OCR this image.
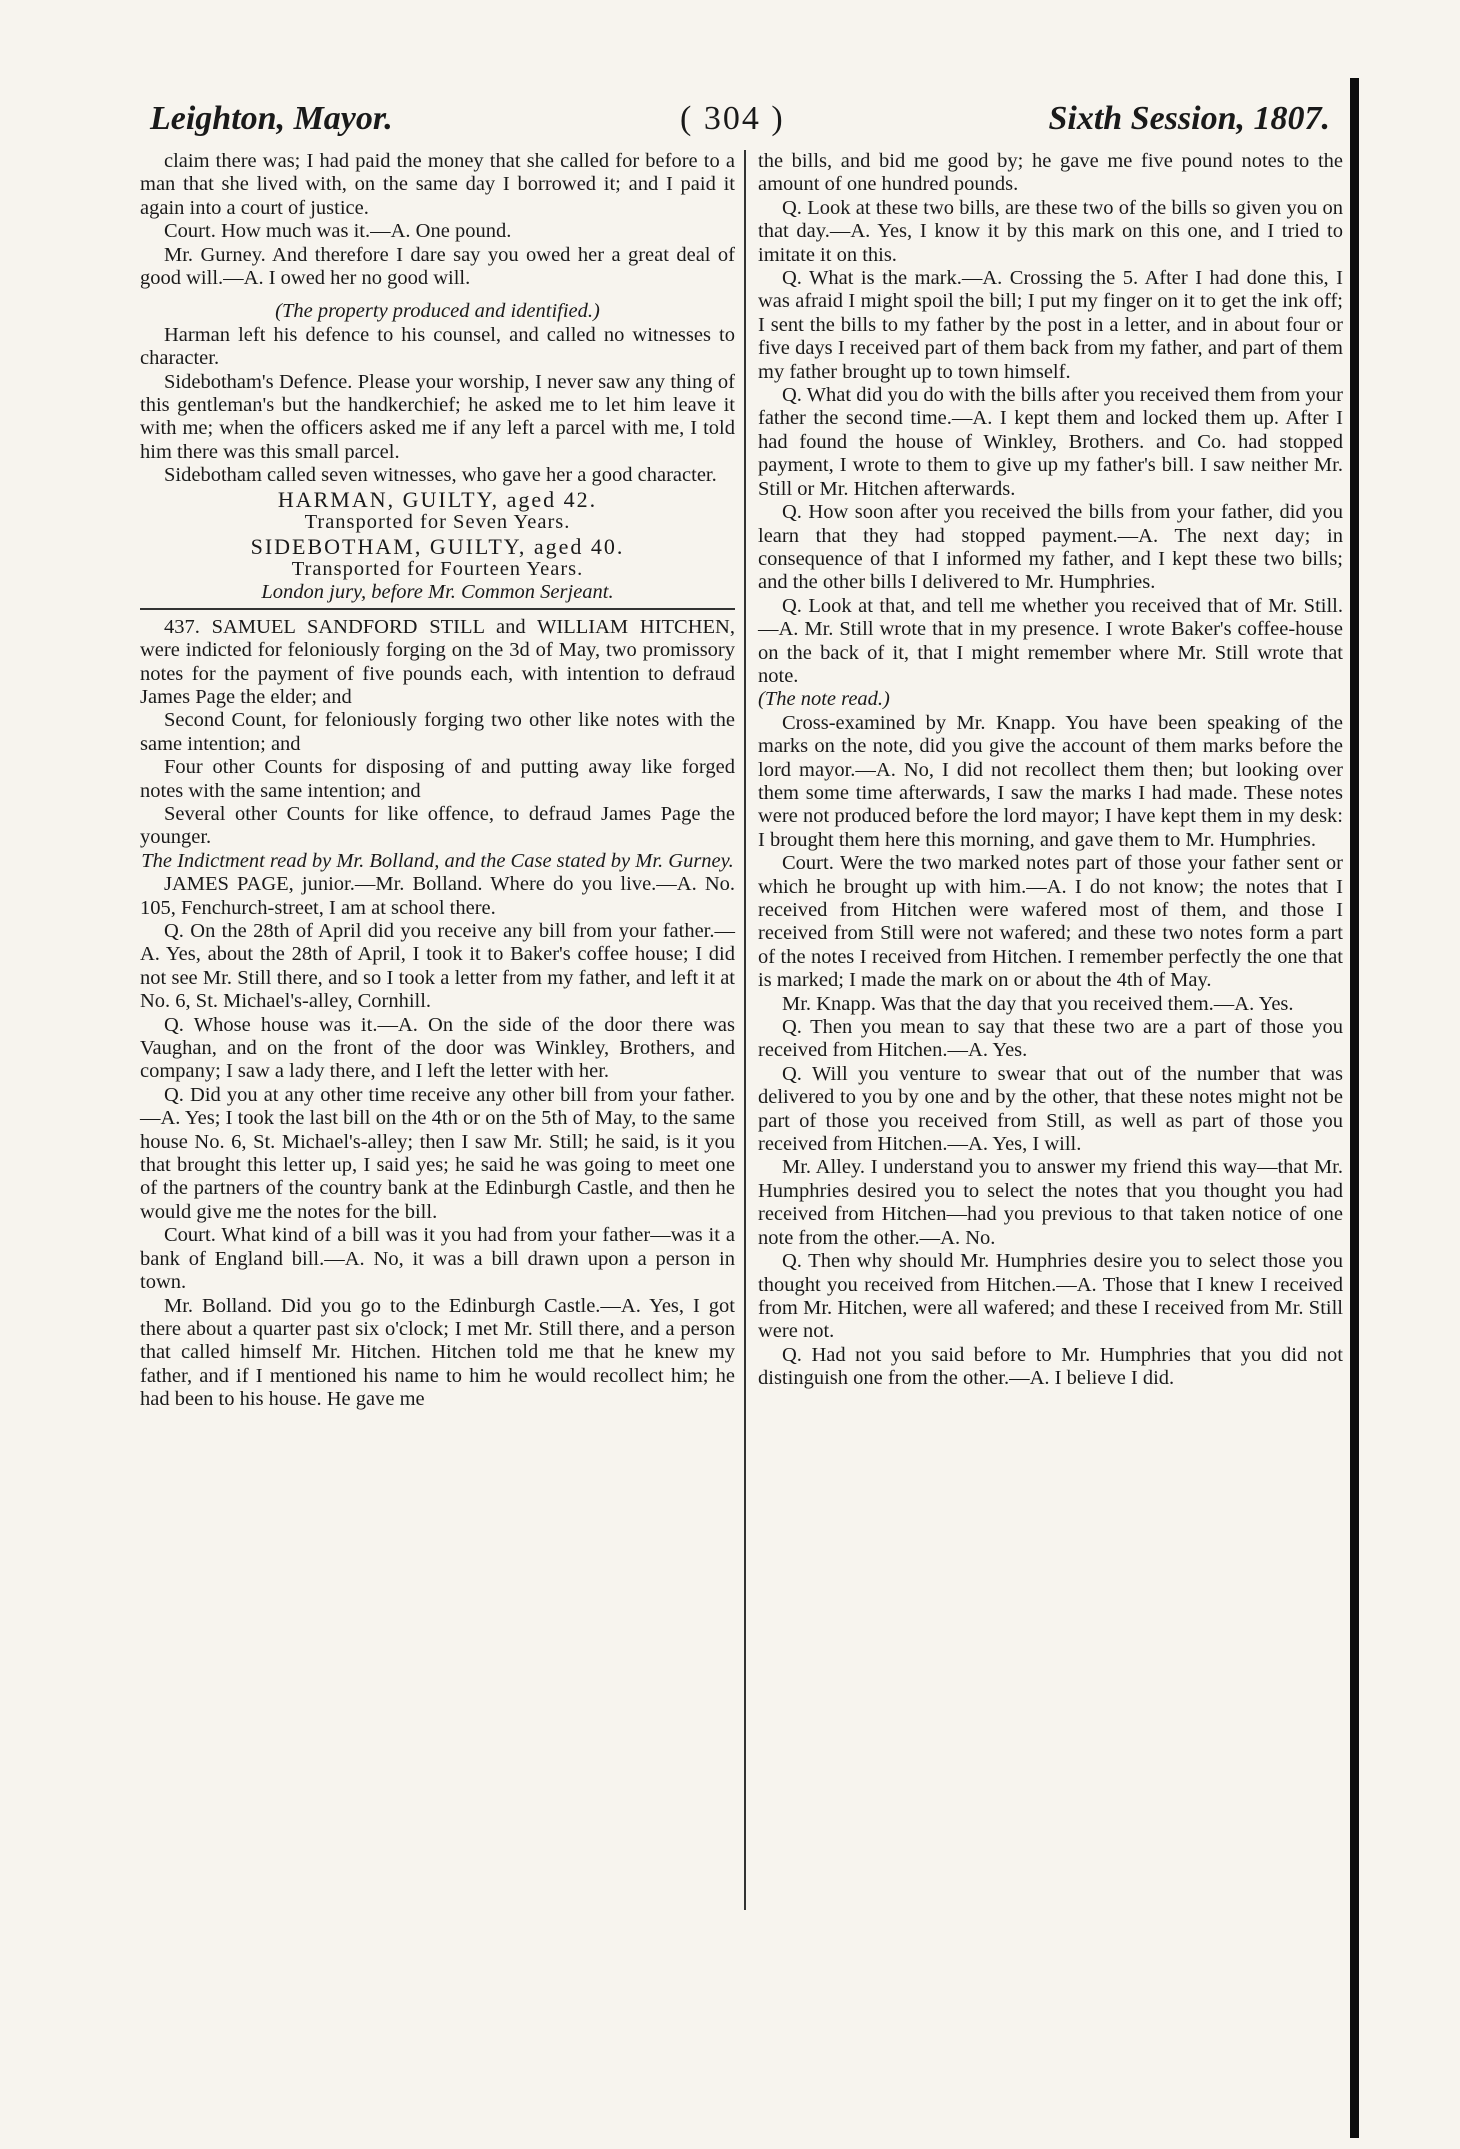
Leighton, Mayor.	( 304 )	Sixth Session, 1807.

claim there was; I had paid the money that she called for before to a man that she lived with, on the same day I borrowed it; and I paid it again into a court of justice.

Court. How much was it.—A. One pound.

Mr. Gurney. And therefore I dare say you owed her a great deal of good will.—A. I owed her no good will.

(The property produced and identified.)

Harman left his defence to his counsel, and called no witnesses to character.

Sidebotham's Defence. Please your worship, I never saw any thing of this gentleman's but the handkerchief; he asked me to let him leave it with me; when the officers asked me if any left a parcel with me, I told him there was this small parcel.

Sidebotham called seven witnesses, who gave her a good character.

HARMAN, GUILTY, aged 42.

Transported for Seven Years.

SIDEBOTHAM, GUILTY, aged 40.

Transported for Fourteen Years.

London jury, before Mr. Common Serjeant.

437. SAMUEL SANDFORD STILL and WILLIAM HITCHEN, were indicted for feloniously forging on the 3d of May, two promissory notes for the payment of five pounds each, with intention to defraud James Page the elder; and

Second Count, for feloniously forging two other like notes with the same intention; and

Four other Counts for disposing of and putting away like forged notes with the same intention; and

Several other Counts for like offence, to defraud James Page the younger.

The Indictment read by Mr. Bolland, and the Case stated by Mr. Gurney.

JAMES PAGE, junior.—Mr. Bolland. Where do you live.—A. No. 105, Fenchurch-street, I am at school there.

Q. On the 28th of April did you receive any bill from your father.—A. Yes, about the 28th of April, I took it to Baker's coffee house; I did not see Mr. Still there, and so I took a letter from my father, and left it at No. 6, St. Michael's-alley, Cornhill.

Q. Whose house was it.—A. On the side of the door there was Vaughan, and on the front of the door was Winkley, Brothers, and company; I saw a lady there, and I left the letter with her.

Q. Did you at any other time receive any other bill from your father.—A. Yes; I took the last bill on the 4th or on the 5th of May, to the same house No. 6, St. Michael's-alley; then I saw Mr. Still; he said, is it you that brought this letter up, I said yes; he said he was going to meet one of the partners of the country bank at the Edinburgh Castle, and then he would give me the notes for the bill.

Court. What kind of a bill was it you had from your father—was it a bank of England bill.—A. No, it was a bill drawn upon a person in town.

Mr. Bolland. Did you go to the Edinburgh Castle.—A. Yes, I got there about a quarter past six o'clock; I met Mr. Still there, and a person that called himself Mr. Hitchen. Hitchen told me that he knew my father, and if I mentioned his name to him he would recollect him; he had been to his house. He gave me

the bills, and bid me good by; he gave me five pound notes to the amount of one hundred pounds.

Q. Look at these two bills, are these two of the bills so given you on that day.—A. Yes, I know it by this mark on this one, and I tried to imitate it on this.

Q. What is the mark.—A. Crossing the 5. After I had done this, I was afraid I might spoil the bill; I put my finger on it to get the ink off; I sent the bills to my father by the post in a letter, and in about four or five days I received part of them back from my father, and part of them my father brought up to town himself.

Q. What did you do with the bills after you received them from your father the second time.—A. I kept them and locked them up. After I had found the house of Winkley, Brothers. and Co. had stopped payment, I wrote to them to give up my father's bill. I saw neither Mr. Still or Mr. Hitchen afterwards.

Q. How soon after you received the bills from your father, did you learn that they had stopped payment.—A. The next day; in consequence of that I informed my father, and I kept these two bills; and the other bills I delivered to Mr. Humphries.

Q. Look at that, and tell me whether you received that of Mr. Still.—A. Mr. Still wrote that in my presence. I wrote Baker's coffee-house on the back of it, that I might remember where Mr. Still wrote that note.

(The note read.)

Cross-examined by Mr. Knapp. You have been speaking of the marks on the note, did you give the account of them marks before the lord mayor.—A. No, I did not recollect them then; but looking over them some time afterwards, I saw the marks I had made. These notes were not produced before the lord mayor; I have kept them in my desk: I brought them here this morning, and gave them to Mr. Humphries.

Court. Were the two marked notes part of those your father sent or which he brought up with him.—A. I do not know; the notes that I received from Hitchen were wafered most of them, and those I received from Still were not wafered; and these two notes form a part of the notes I received from Hitchen. I remember perfectly the one that is marked; I made the mark on or about the 4th of May.

Mr. Knapp. Was that the day that you received them.—A. Yes.

Q. Then you mean to say that these two are a part of those you received from Hitchen.—A. Yes.

Q. Will you venture to swear that out of the number that was delivered to you by one and by the other, that these notes might not be part of those you received from Still, as well as part of those you received from Hitchen.—A. Yes, I will.

Mr. Alley. I understand you to answer my friend this way—that Mr. Humphries desired you to select the notes that you thought you had received from Hitchen—had you previous to that taken notice of one note from the other.—A. No.

Q. Then why should Mr. Humphries desire you to select those you thought you received from Hitchen.—A. Those that I knew I received from Mr. Hitchen, were all wafered; and these I received from Mr. Still were not.

Q. Had not you said before to Mr. Humphries that you did not distinguish one from the other.—A. I believe I did.
